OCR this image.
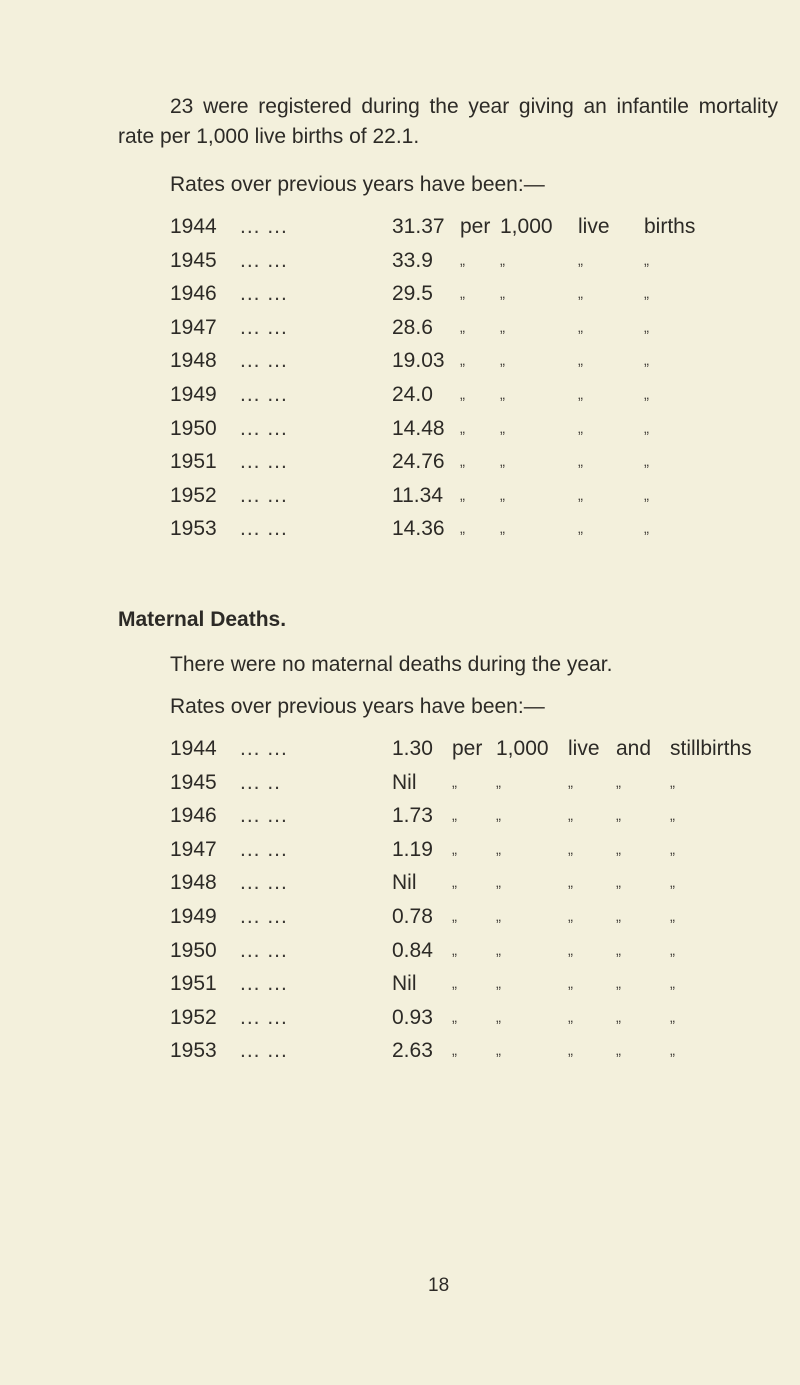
23 were registered during the year giving an infantile mortality rate per 1,000 live births of 22.1.

Rates over previous years have been:—

1944 ... ...	31.37 per 1,000 live births
1945 ... ...	33.9 „ „	„	„
1946 ... ...	29.5 „ „	„	„
1947 ... ...	28.6 „ „	„	„
1948 ... ...	19.03 „ „	„	„
1949 ... ...	24.0 „ „	„	„
1950 ... ...	14.48 „ „	„	„
1951 ... ...	24.76 „ „	„	„
1952 ... ...	11.34 „ „	„	„
1953 ... ...	14.36 „ „	„	„

Maternal Deaths.

There were no maternal deaths during the year.

Rates over previous years have been:—

1944 ... ...	1.30 per 1,000 live and stillbirths
1945 ... ..	Nil „	„	„	„	„
1946 ... ...	1.73 „	„	„	„	„
1947 ... ...	1.19 „	„	„	„	„
1948 ... ...	Nil „	„	„	„	„
1949 ... ...	0.78 „	„	„	„	„
1950 ... ...	0.84 „	„	„	„	„
1951 ... ...	Nil „	„	„	„	„
1952 ... ...	0.93 „	„	„	„	„
1953 ... ...	2.63 „	„	„	„	„
18
